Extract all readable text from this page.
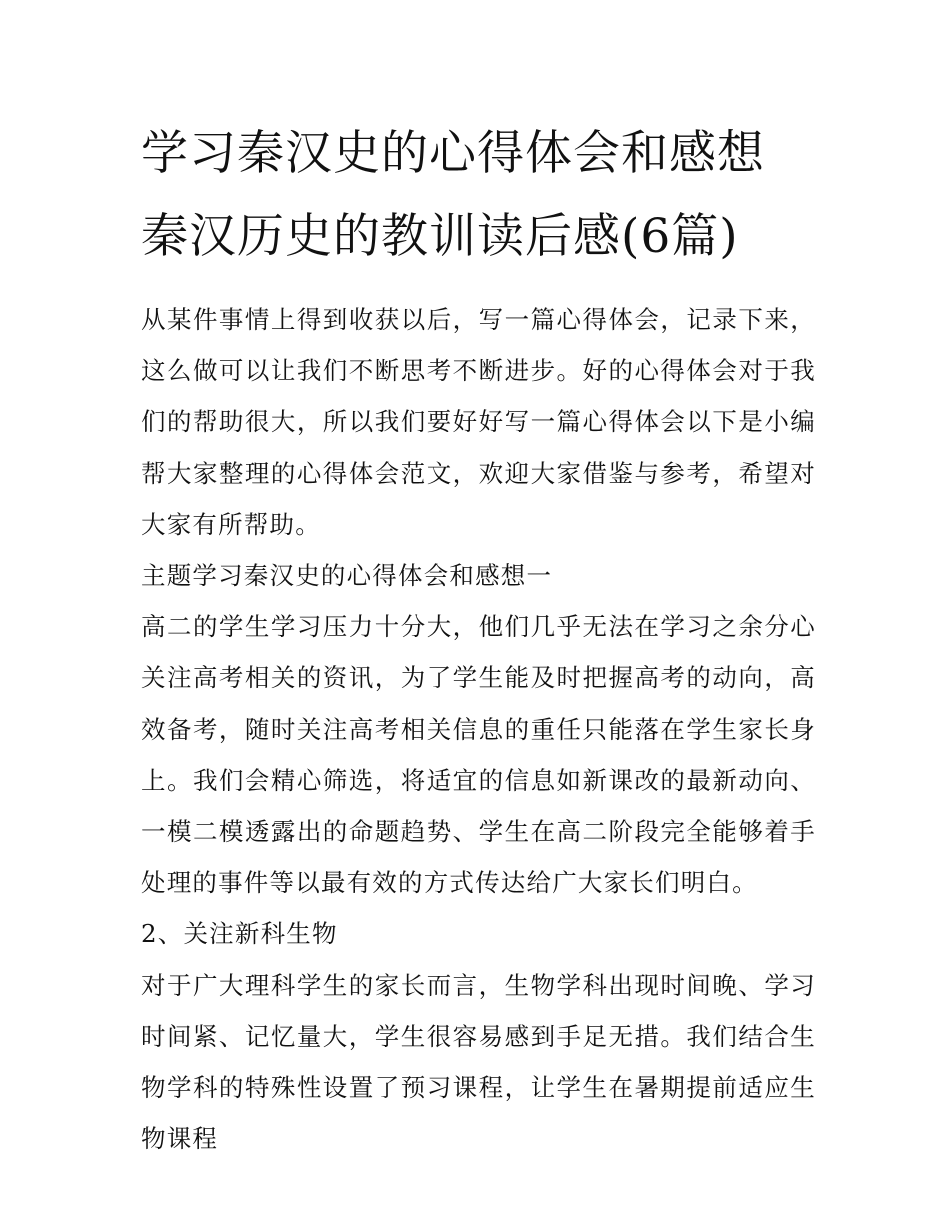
学习秦汉史的心得体会和感想
秦汉历史的教训读后感(6篇)

从某件事情上得到收获以后，写一篇心得体会，记录下来，这么做可以让我们不断思考不断进步。好的心得体会对于我们的帮助很大，所以我们要好好写一篇心得体会以下是小编帮大家整理的心得体会范文，欢迎大家借鉴与参考，希望对大家有所帮助。

主题学习秦汉史的心得体会和感想一

高二的学生学习压力十分大，他们几乎无法在学习之余分心关注高考相关的资讯，为了学生能及时把握高考的动向，高效备考，随时关注高考相关信息的重任只能落在学生家长身上。我们会精心筛选，将适宜的信息如新课改的最新动向、一模二模透露出的命题趋势、学生在高二阶段完全能够着手处理的事件等以最有效的方式传达给广大家长们明白。

2、关注新科生物

对于广大理科学生的家长而言，生物学科出现时间晚、学习时间紧、记忆量大，学生很容易感到手足无措。我们结合生物学科的特殊性设置了预习课程，让学生在暑期提前适应生物课程
